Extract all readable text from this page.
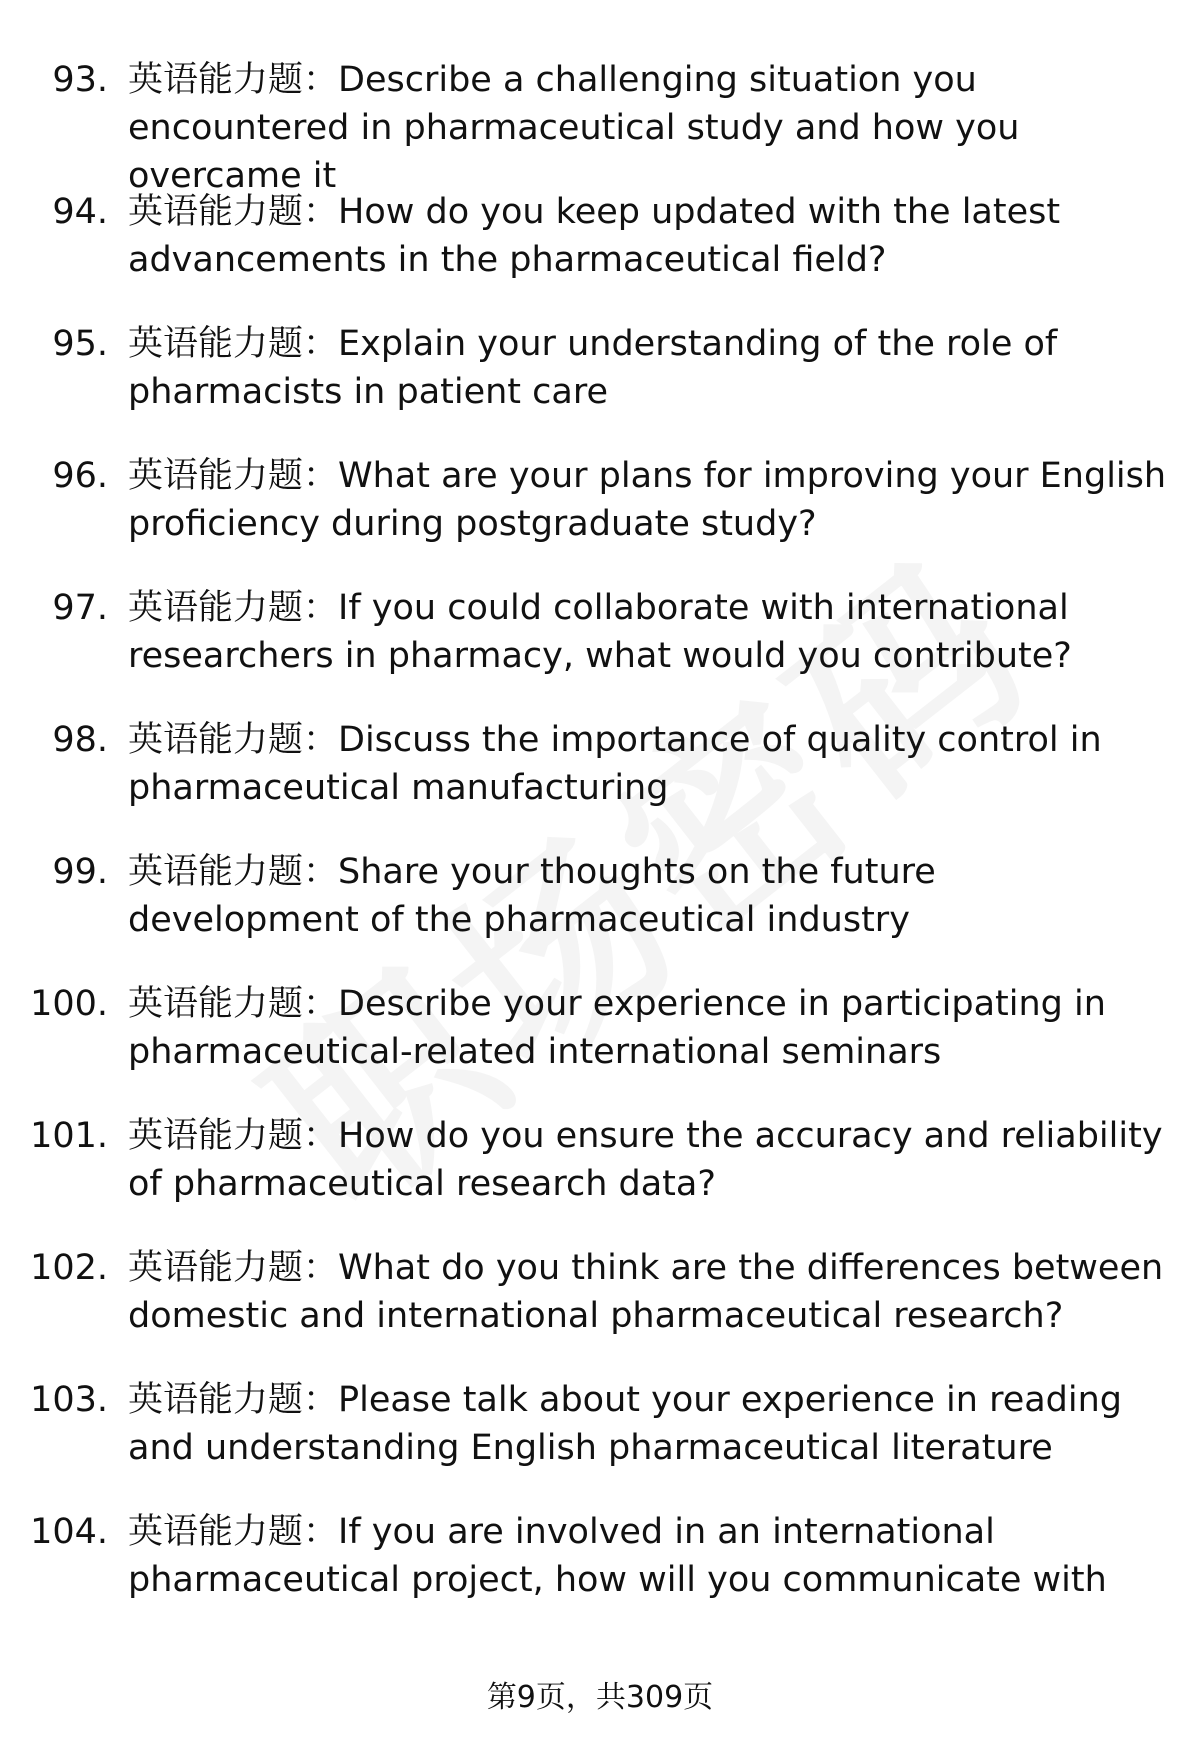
93. 英语能力题：Describe a challenging situation you encountered in pharmaceutical study and how you overcame it

94. 英语能力题：How do you keep updated with the latest advancements in the pharmaceutical field?

95. 英语能力题：Explain your understanding of the role of pharmacists in patient care

96. 英语能力题：What are your plans for improving your English proficiency during postgraduate study?

97. 英语能力题：If you could collaborate with international researchers in pharmacy, what would you contribute?

98. 英语能力题：Discuss the importance of quality control in pharmaceutical manufacturing

99. 英语能力题：Share your thoughts on the future development of the pharmaceutical industry

100. 英语能力题：Describe your experience in participating in pharmaceutical-related international seminars

101. 英语能力题：How do you ensure the accuracy and reliability of pharmaceutical research data?

102. 英语能力题：What do you think are the differences between domestic and international pharmaceutical research?

103. 英语能力题：Please talk about your experience in reading and understanding English pharmaceutical literature

104. 英语能力题：If you are involved in an international pharmaceutical project, how will you communicate with

第9页，共309页
